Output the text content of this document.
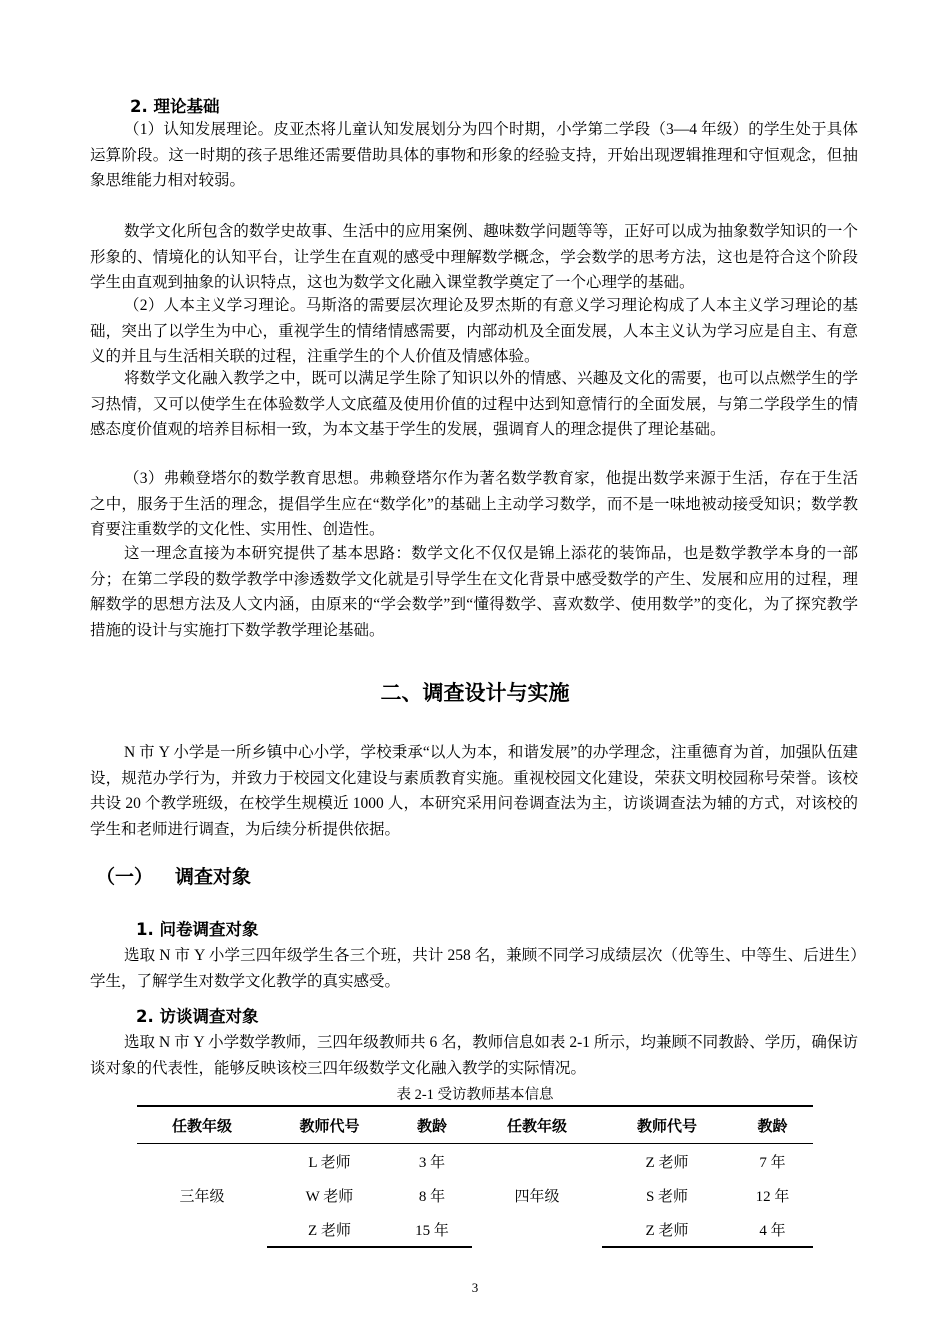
2. 理论基础

（1）认知发展理论。皮亚杰将儿童认知发展划分为四个时期，小学第二学段（3—4 年级）的学生处于具体运算阶段。这一时期的孩子思维还需要借助具体的事物和形象的经验支持，开始出现逻辑推理和守恒观念，但抽象思维能力相对较弱。

数学文化所包含的数学史故事、生活中的应用案例、趣味数学问题等等，正好可以成为抽象数学知识的一个形象的、情境化的认知平台，让学生在直观的感受中理解数学概念，学会数学的思考方法，这也是符合这个阶段学生由直观到抽象的认识特点，这也为数学文化融入课堂教学奠定了一个心理学的基础。

（2）人本主义学习理论。马斯洛的需要层次理论及罗杰斯的有意义学习理论构成了人本主义学习理论的基础，突出了以学生为中心，重视学生的情绪情感需要，内部动机及全面发展，人本主义认为学习应是自主、有意义的并且与生活相关联的过程，注重学生的个人价值及情感体验。

将数学文化融入教学之中，既可以满足学生除了知识以外的情感、兴趣及文化的需要，也可以点燃学生的学习热情，又可以使学生在体验数学人文底蕴及使用价值的过程中达到知意情行的全面发展，与第二学段学生的情感态度价值观的培养目标相一致，为本文基于学生的发展，强调育人的理念提供了理论基础。

（3）弗赖登塔尔的数学教育思想。弗赖登塔尔作为著名数学教育家，他提出数学来源于生活，存在于生活之中，服务于生活的理念，提倡学生应在“数学化”的基础上主动学习数学，而不是一味地被动接受知识；数学教育要注重数学的文化性、实用性、创造性。

这一理念直接为本研究提供了基本思路：数学文化不仅仅是锦上添花的装饰品，也是数学教学本身的一部分；在第二学段的数学教学中渗透数学文化就是引导学生在文化背景中感受数学的产生、发展和应用的过程，理解数学的思想方法及人文内涵，由原来的“学会数学”到“懂得数学、喜欢数学、使用数学”的变化，为了探究教学措施的设计与实施打下数学教学理论基础。

二、调查设计与实施

N 市 Y 小学是一所乡镇中心小学，学校秉承“以人为本，和谐发展”的办学理念，注重德育为首，加强队伍建设，规范办学行为，并致力于校园文化建设与素质教育实施。重视校园文化建设，荣获文明校园称号荣誉。该校共设 20 个教学班级，在校学生规模近 1000 人，本研究采用问卷调查法为主，访谈调查法为辅的方式，对该校的学生和老师进行调查，为后续分析提供依据。

（一） 调查对象

1. 问卷调查对象

选取 N 市 Y 小学三四年级学生各三个班，共计 258 名，兼顾不同学习成绩层次（优等生、中等生、后进生）学生，了解学生对数学文化教学的真实感受。

2. 访谈调查对象

选取 N 市 Y 小学数学教师，三四年级教师共 6 名，教师信息如表 2-1 所示，均兼顾不同教龄、学历，确保访谈对象的代表性，能够反映该校三四年级数学文化融入教学的实际情况。

表 2-1 受访教师基本信息

任教年级	教师代号	教龄	任教年级	教师代号	教龄
三年级	L 老师	3 年	四年级	Z 老师	7 年
	W 老师	8 年		S 老师	12 年
	Z 老师	15 年		Z 老师	4 年

3
